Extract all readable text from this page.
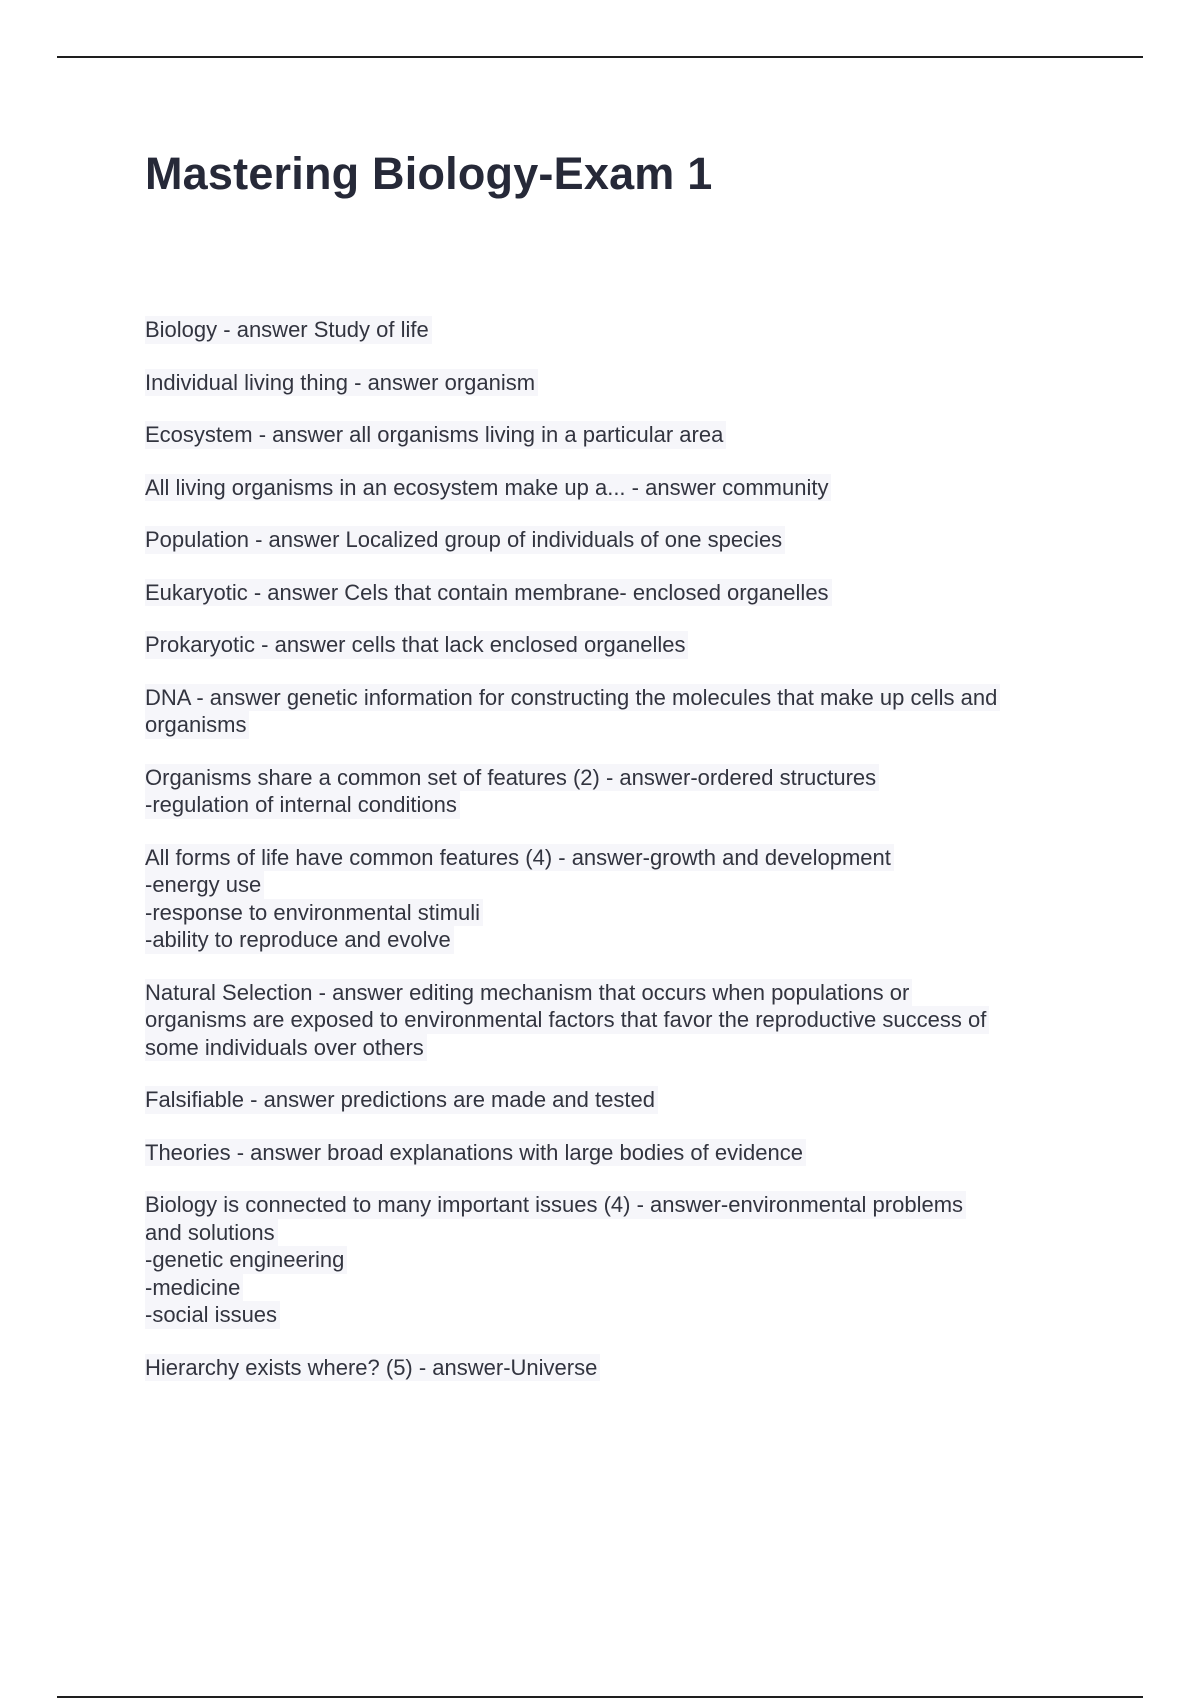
Mastering Biology-Exam 1
Biology - answer Study of life
Individual living thing - answer organism
Ecosystem - answer all organisms living in a particular area
All living organisms in an ecosystem make up a... - answer community
Population - answer Localized group of individuals of one species
Eukaryotic - answer Cels that contain membrane- enclosed organelles
Prokaryotic - answer cells that lack enclosed organelles
DNA - answer genetic information for constructing the molecules that make up cells and
organisms
Organisms share a common set of features (2) - answer-ordered structures
-regulation of internal conditions
All forms of life have common features (4) - answer-growth and development
-energy use
-response to environmental stimuli
-ability to reproduce and evolve
Natural Selection - answer editing mechanism that occurs when populations or
organisms are exposed to environmental factors that favor the reproductive success of
some individuals over others
Falsifiable - answer predictions are made and tested
Theories - answer broad explanations with large bodies of evidence
Biology is connected to many important issues (4) - answer-environmental problems
and solutions
-genetic engineering
-medicine
-social issues
Hierarchy exists where? (5) - answer-Universe
